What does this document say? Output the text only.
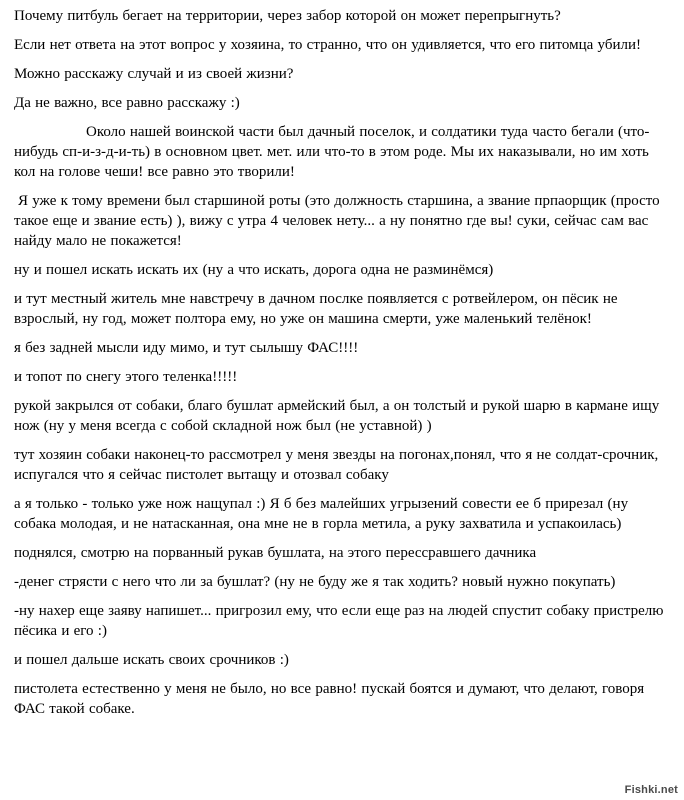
Почему питбуль бегает на территории, через забор которой он может перепрыгнуть?

Если нет ответа на этот вопрос у хозяина, то странно, что он удивляется, что его питомца убили!

Можно расскажу случай и из своей жизни?

Да не важно, все равно расскажу :)

Около нашей воинской части был дачный поселок, и солдатики туда часто бегали (что-нибудь сп-и-з-д-и-ть) в основном цвет. мет. или что-то в этом роде. Мы их наказывали, но им хоть кол на голове чеши! все равно это творили!

Я уже к тому времени был старшиной роты (это должность старшина, а звание прпаорщик (просто такое еще и звание есть) ), вижу с утра 4 человек нету... а ну понятно где вы! суки, сейчас сам вас найду мало не покажется!

ну и пошел искать искать их (ну а что искать, дорога одна не разминёмся)

и тут местный житель мне навстречу в дачном послке появляется с ротвейлером, он пёсик не взрослый, ну год, может полтора ему, но уже он машина смерти, уже маленький телёнок!

я без задней мысли иду мимо, и тут сылышу ФАС!!!!

и топот по снегу этого теленка!!!!!

рукой закрылся от собаки, благо бушлат армейский был, а он толстый и рукой шарю в кармане ищу нож (ну у меня всегда с собой складной нож был (не уставной) )

тут хозяин собаки наконец-то рассмотрел у меня звезды на погонах,понял, что я не солдат-срочник, испугался что я сейчас пистолет вытащу и отозвал собаку

а я только - только уже нож нащупал :) Я б без малейших угрызений совести ее б прирезал (ну собака молодая, и не натасканная, она мне не в горла метила, а руку захватила и успакоилась)

поднялся, смотрю на порванный рукав бушлата, на этого перессравшего дачника

-денег стрясти с него что ли за бушлат? (ну не буду же я так ходить? новый нужно покупать)

-ну нахер еще заяву напишет... пригрозил ему, что если еще раз на людей спустит собаку пристрелю пёсика и его :)

и пошел дальше искать своих срочников :)

пистолета естественно у меня не было, но все равно! пускай боятся и думают, что делают, говоря ФАС такой собаке.

Fishki.net
